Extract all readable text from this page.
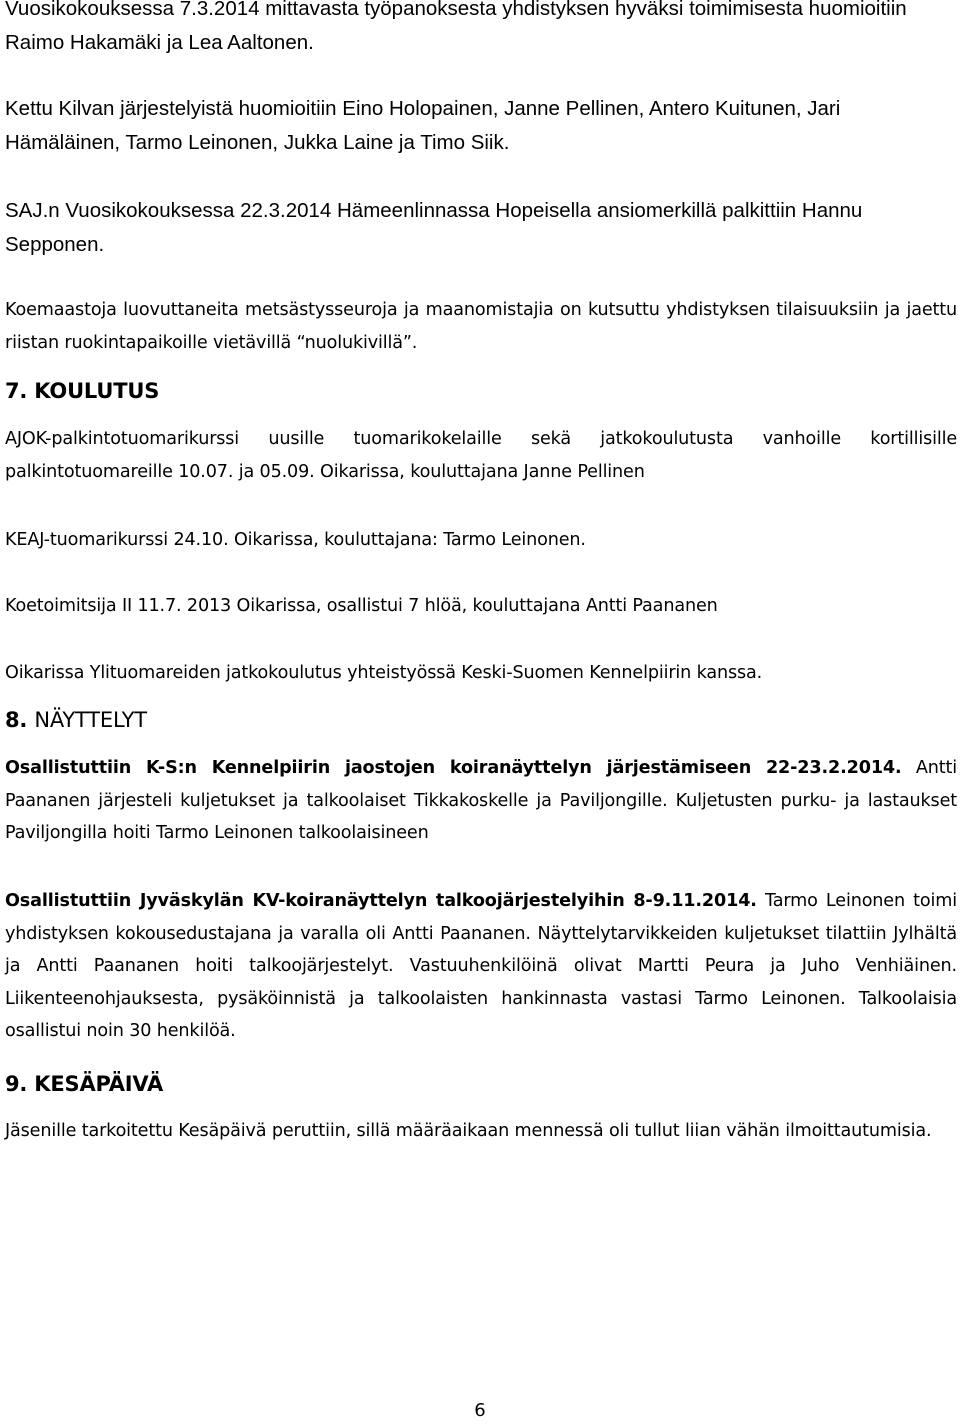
Vuosikokouksessa 7.3.2014 mittavasta työpanoksesta yhdistyksen hyväksi toimimisesta huomioitiin Raimo Hakamäki ja Lea Aaltonen.

Kettu Kilvan järjestelyistä huomioitiin Eino Holopainen, Janne Pellinen, Antero Kuitunen, Jari Hämäläinen, Tarmo Leinonen, Jukka Laine ja Timo Siik.

SAJ.n Vuosikokouksessa 22.3.2014 Hämeenlinnassa Hopeisella ansiomerkillä palkittiin Hannu Sepponen.

Koemaastoja luovuttaneita metsästysseuroja ja maanomistajia on kutsuttu yhdistyksen tilaisuuksiin ja jaettu riistan ruokintapaikoille vietävillä “nuolukivillä”.

7. KOULUTUS

AJOK-palkintotuomarikurssi uusille tuomarikokelaille sekä jatkokoulutusta vanhoille kortillisille palkintotuomareille 10.07. ja 05.09. Oikarissa, kouluttajana Janne Pellinen

KEAJ-tuomarikurssi 24.10. Oikarissa, kouluttajana: Tarmo Leinonen.

Koetoimitsija II 11.7. 2013 Oikarissa, osallistui 7 hlöä, kouluttajana Antti Paananen

Oikarissa Ylituomareiden jatkokoulutus yhteistyössä Keski-Suomen Kennelpiirin kanssa.

8. NÄYTTELYT

Osallistuttiin K-S:n Kennelpiirin jaostojen koiranäyttelyn järjestämiseen 22-23.2.2014. Antti Paananen järjesteli kuljetukset ja talkoolaiset Tikkakoskelle ja Paviljongille. Kuljetusten purku- ja lastaukset Paviljongilla hoiti Tarmo Leinonen talkoolaisineen

Osallistuttiin Jyväskylän KV-koiranäyttelyn talkoojärjestelyihin 8-9.11.2014. Tarmo Leinonen toimi yhdistyksen kokousedustajana ja varalla oli Antti Paananen. Näyttelytarvikkeiden kuljetukset tilattiin Jylhältä ja Antti Paananen hoiti talkoojärjestelyt. Vastuuhenkilöinä olivat Martti Peura ja Juho Venhiäinen. Liikenteenohjauksesta, pysäköinnistä ja talkoolaisten hankinnasta vastasi Tarmo Leinonen. Talkoolaisia osallistui noin 30 henkilöä.

9. KESÄPÄIVÄ

Jäsenille tarkoitettu Kesäpäivä peruttiin, sillä määräaikaan mennessä oli tullut liian vähän ilmoittautumisia.

6
